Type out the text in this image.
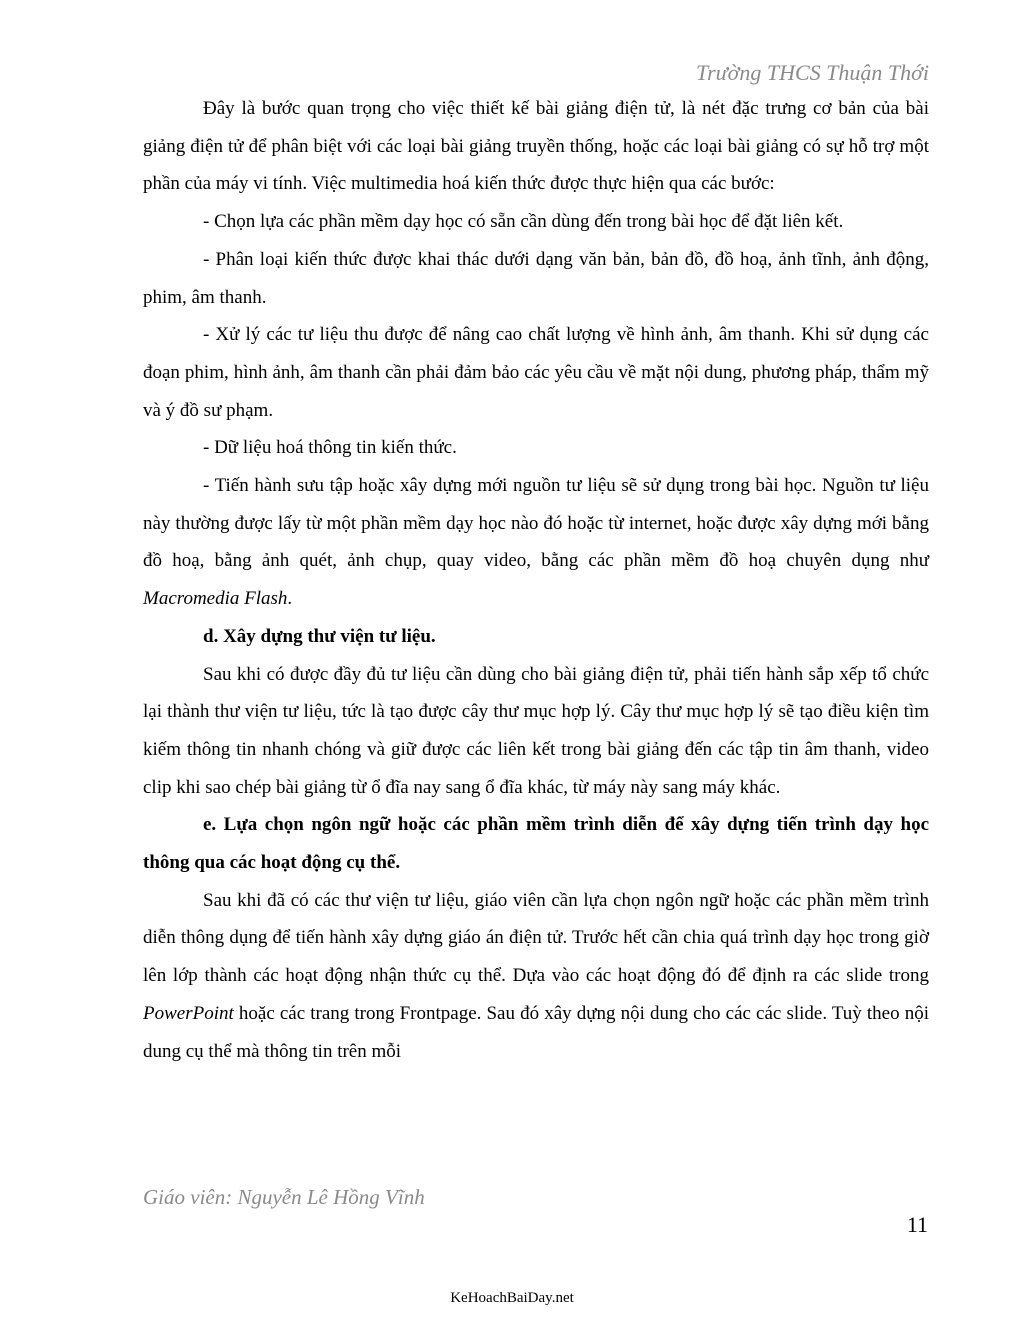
Trường THCS Thuận Thới

Đây là bước quan trọng cho việc thiết kế bài giảng điện tử, là nét đặc trưng cơ bản của bài giảng điện tử để phân biệt với các loại bài giảng truyền thống, hoặc các loại bài giảng có sự hỗ trợ một phần của máy vi tính. Việc multimedia hoá kiến thức được thực hiện qua các bước:

- Chọn lựa các phần mềm dạy học có sẵn cần dùng đến trong bài học để đặt liên kết.

- Phân loại kiến thức được khai thác dưới dạng văn bản, bản đồ, đồ hoạ, ảnh tĩnh, ảnh động, phim, âm thanh.

- Xử lý các tư liệu thu được để nâng cao chất lượng về hình ảnh, âm thanh. Khi sử dụng các đoạn phim, hình ảnh, âm thanh cần phải đảm bảo các yêu cầu về mặt nội dung, phương pháp, thẩm mỹ và ý đồ sư phạm.

- Dữ liệu hoá thông tin kiến thức.

- Tiến hành sưu tập hoặc xây dựng mới nguồn tư liệu sẽ sử dụng trong bài học. Nguồn tư liệu này thường được lấy từ một phần mềm dạy học nào đó hoặc từ internet, hoặc được xây dựng mới bằng đồ hoạ, bằng ảnh quét, ảnh chụp, quay video, bằng các phần mềm đồ hoạ chuyên dụng như Macromedia Flash.

d. Xây dựng thư viện tư liệu.

Sau khi có được đầy đủ tư liệu cần dùng cho bài giảng điện tử, phải tiến hành sắp xếp tổ chức lại thành thư viện tư liệu, tức là tạo được cây thư mục hợp lý. Cây thư mục hợp lý sẽ tạo điều kiện tìm kiếm thông tin nhanh chóng và giữ được các liên kết trong bài giảng đến các tập tin âm thanh, video clip khi sao chép bài giảng từ ổ đĩa nay sang ổ đĩa khác, từ máy này sang máy khác.

e. Lựa chọn ngôn ngữ hoặc các phần mềm trình diễn để xây dựng tiến trình dạy học thông qua các hoạt động cụ thể.

Sau khi đã có các thư viện tư liệu, giáo viên cần lựa chọn ngôn ngữ hoặc các phần mềm trình diễn thông dụng để tiến hành xây dựng giáo án điện tử. Trước hết cần chia quá trình dạy học trong giờ lên lớp thành các hoạt động nhận thức cụ thể. Dựa vào các hoạt động đó để định ra các slide trong PowerPoint hoặc các trang trong Frontpage. Sau đó xây dựng nội dung cho các các slide. Tuỳ theo nội dung cụ thể mà thông tin trên mỗi

Giáo viên: Nguyễn Lê Hồng Vĩnh
11
KeHoachBaiDay.net
